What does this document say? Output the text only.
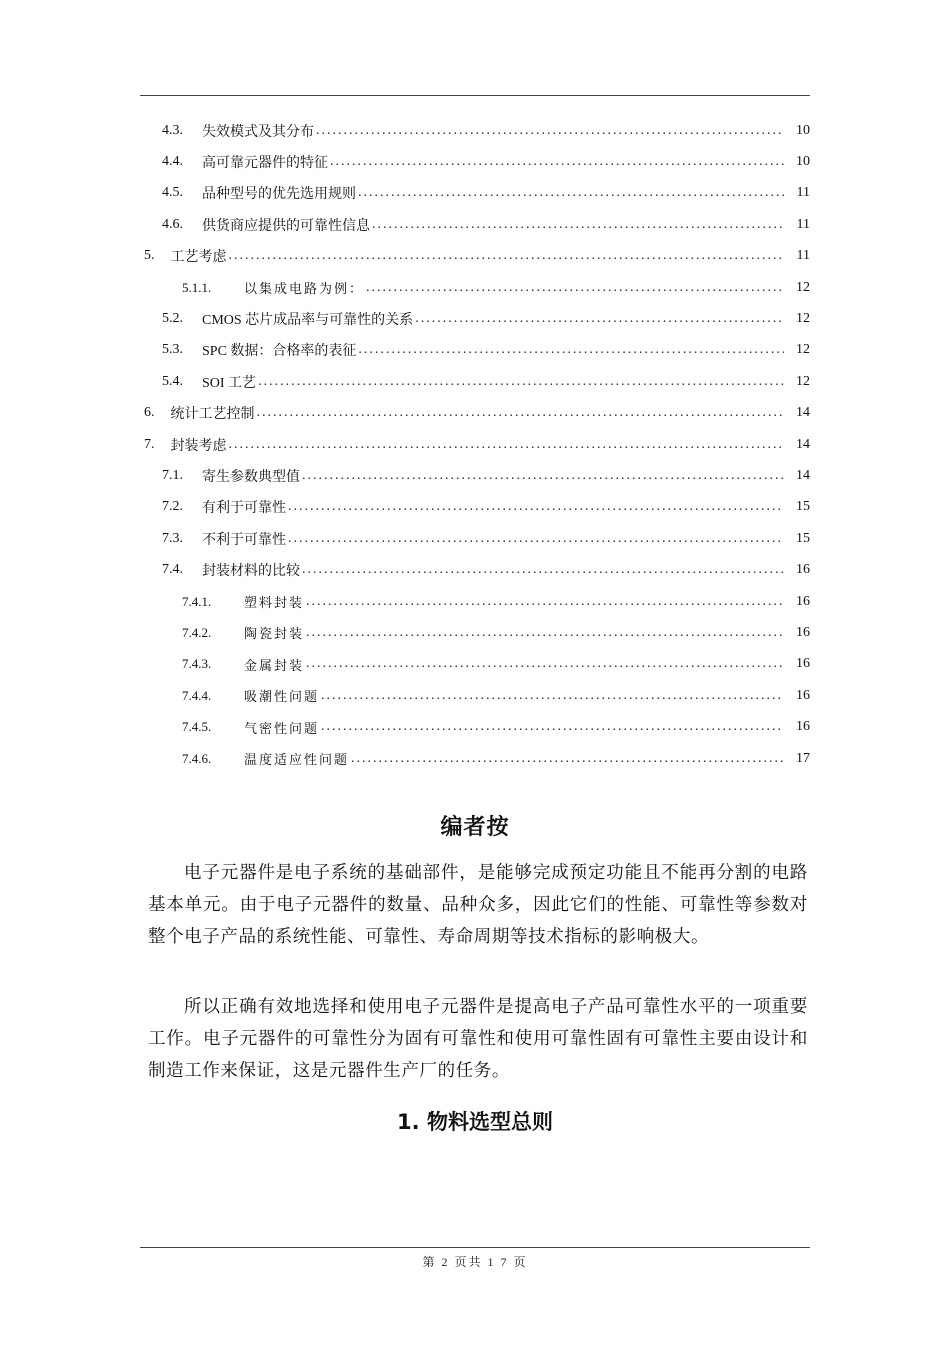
4.3. 失效模式及其分布 .....	10
4.4. 高可靠元器件的特征 .....	10
4.5. 品种型号的优先选用规则 .....	11
4.6. 供货商应提供的可靠性信息 .....	11
5. 工艺考虑 .....	11
5.1.1.	以集成电路为例： .....	12
5.2. CMOS 芯片成品率与可靠性的关系 .....	12
5.3. SPC 数据：合格率的表征 .....	12
5.4. SOI 工艺 .....	12
6. 统计工艺控制 .....	14
7. 封装考虑 .....	14
7.1. 寄生参数典型值 .....	14
7.2. 有利于可靠性 .....	15
7.3. 不利于可靠性 .....	15
7.4. 封装材料的比较 .....	16
7.4.1.	塑料封装 .....	16
7.4.2.	陶瓷封装 .....	16
7.4.3.	金属封装 .....	16
7.4.4.	吸潮性问题 .....	16
7.4.5.	气密性问题 .....	16
7.4.6.	温度适应性问题 .....	17
编者按

电子元器件是电子系统的基础部件，是能够完成预定功能且不能再分割的电路基本单元。由于电子元器件的数量、品种众多，因此它们的性能、可靠性等参数对整个电子产品的系统性能、可靠性、寿命周期等技术指标的影响极大。

所以正确有效地选择和使用电子元器件是提高电子产品可靠性水平的一项重要工作。电子元器件的可靠性分为固有可靠性和使用可靠性固有可靠性主要由设计和制造工作来保证，这是元器件生产厂的任务。

1. 物料选型总则
第 2 页共 1 7 页
